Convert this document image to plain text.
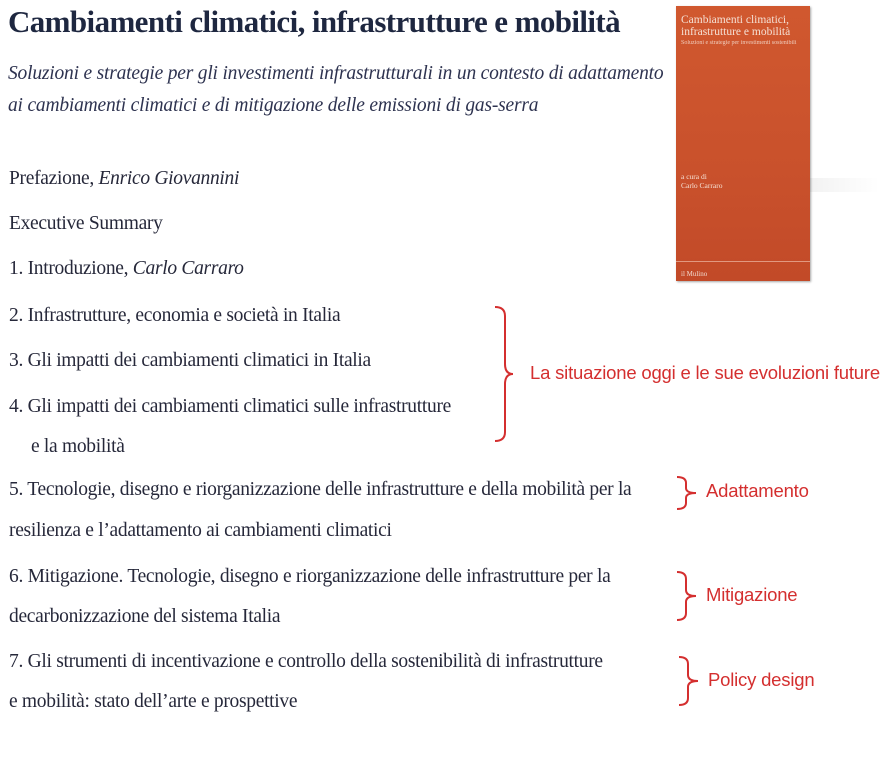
Cambiamenti climatici, infrastrutture e mobilità
Soluzioni e strategie per gli investimenti infrastrutturali in un contesto di adattamento
ai cambiamenti climatici e di mitigazione delle emissioni di gas-serra
Prefazione, Enrico Giovannini
Executive Summary
1. Introduzione, Carlo Carraro
2. Infrastrutture, economia e società in Italia
3. Gli impatti dei cambiamenti climatici in Italia
4. Gli impatti dei cambiamenti climatici sulle infrastrutture
e la mobilità
5. Tecnologie, disegno e riorganizzazione delle infrastrutture e della mobilità per la
resilienza e l’adattamento ai cambiamenti climatici
6. Mitigazione. Tecnologie, disegno e riorganizzazione delle infrastrutture per la
decarbonizzazione del sistema Italia
7. Gli strumenti di incentivazione e controllo della sostenibilità di infrastrutture
e mobilità: stato dell’arte e prospettive
La situazione oggi e le sue evoluzioni future
Adattamento
Mitigazione
Policy design
Cambiamenti climatici,
infrastrutture e mobilità
Soluzioni e strategie per investimenti sostenibili
a cura di
Carlo Carraro
il Mulino
